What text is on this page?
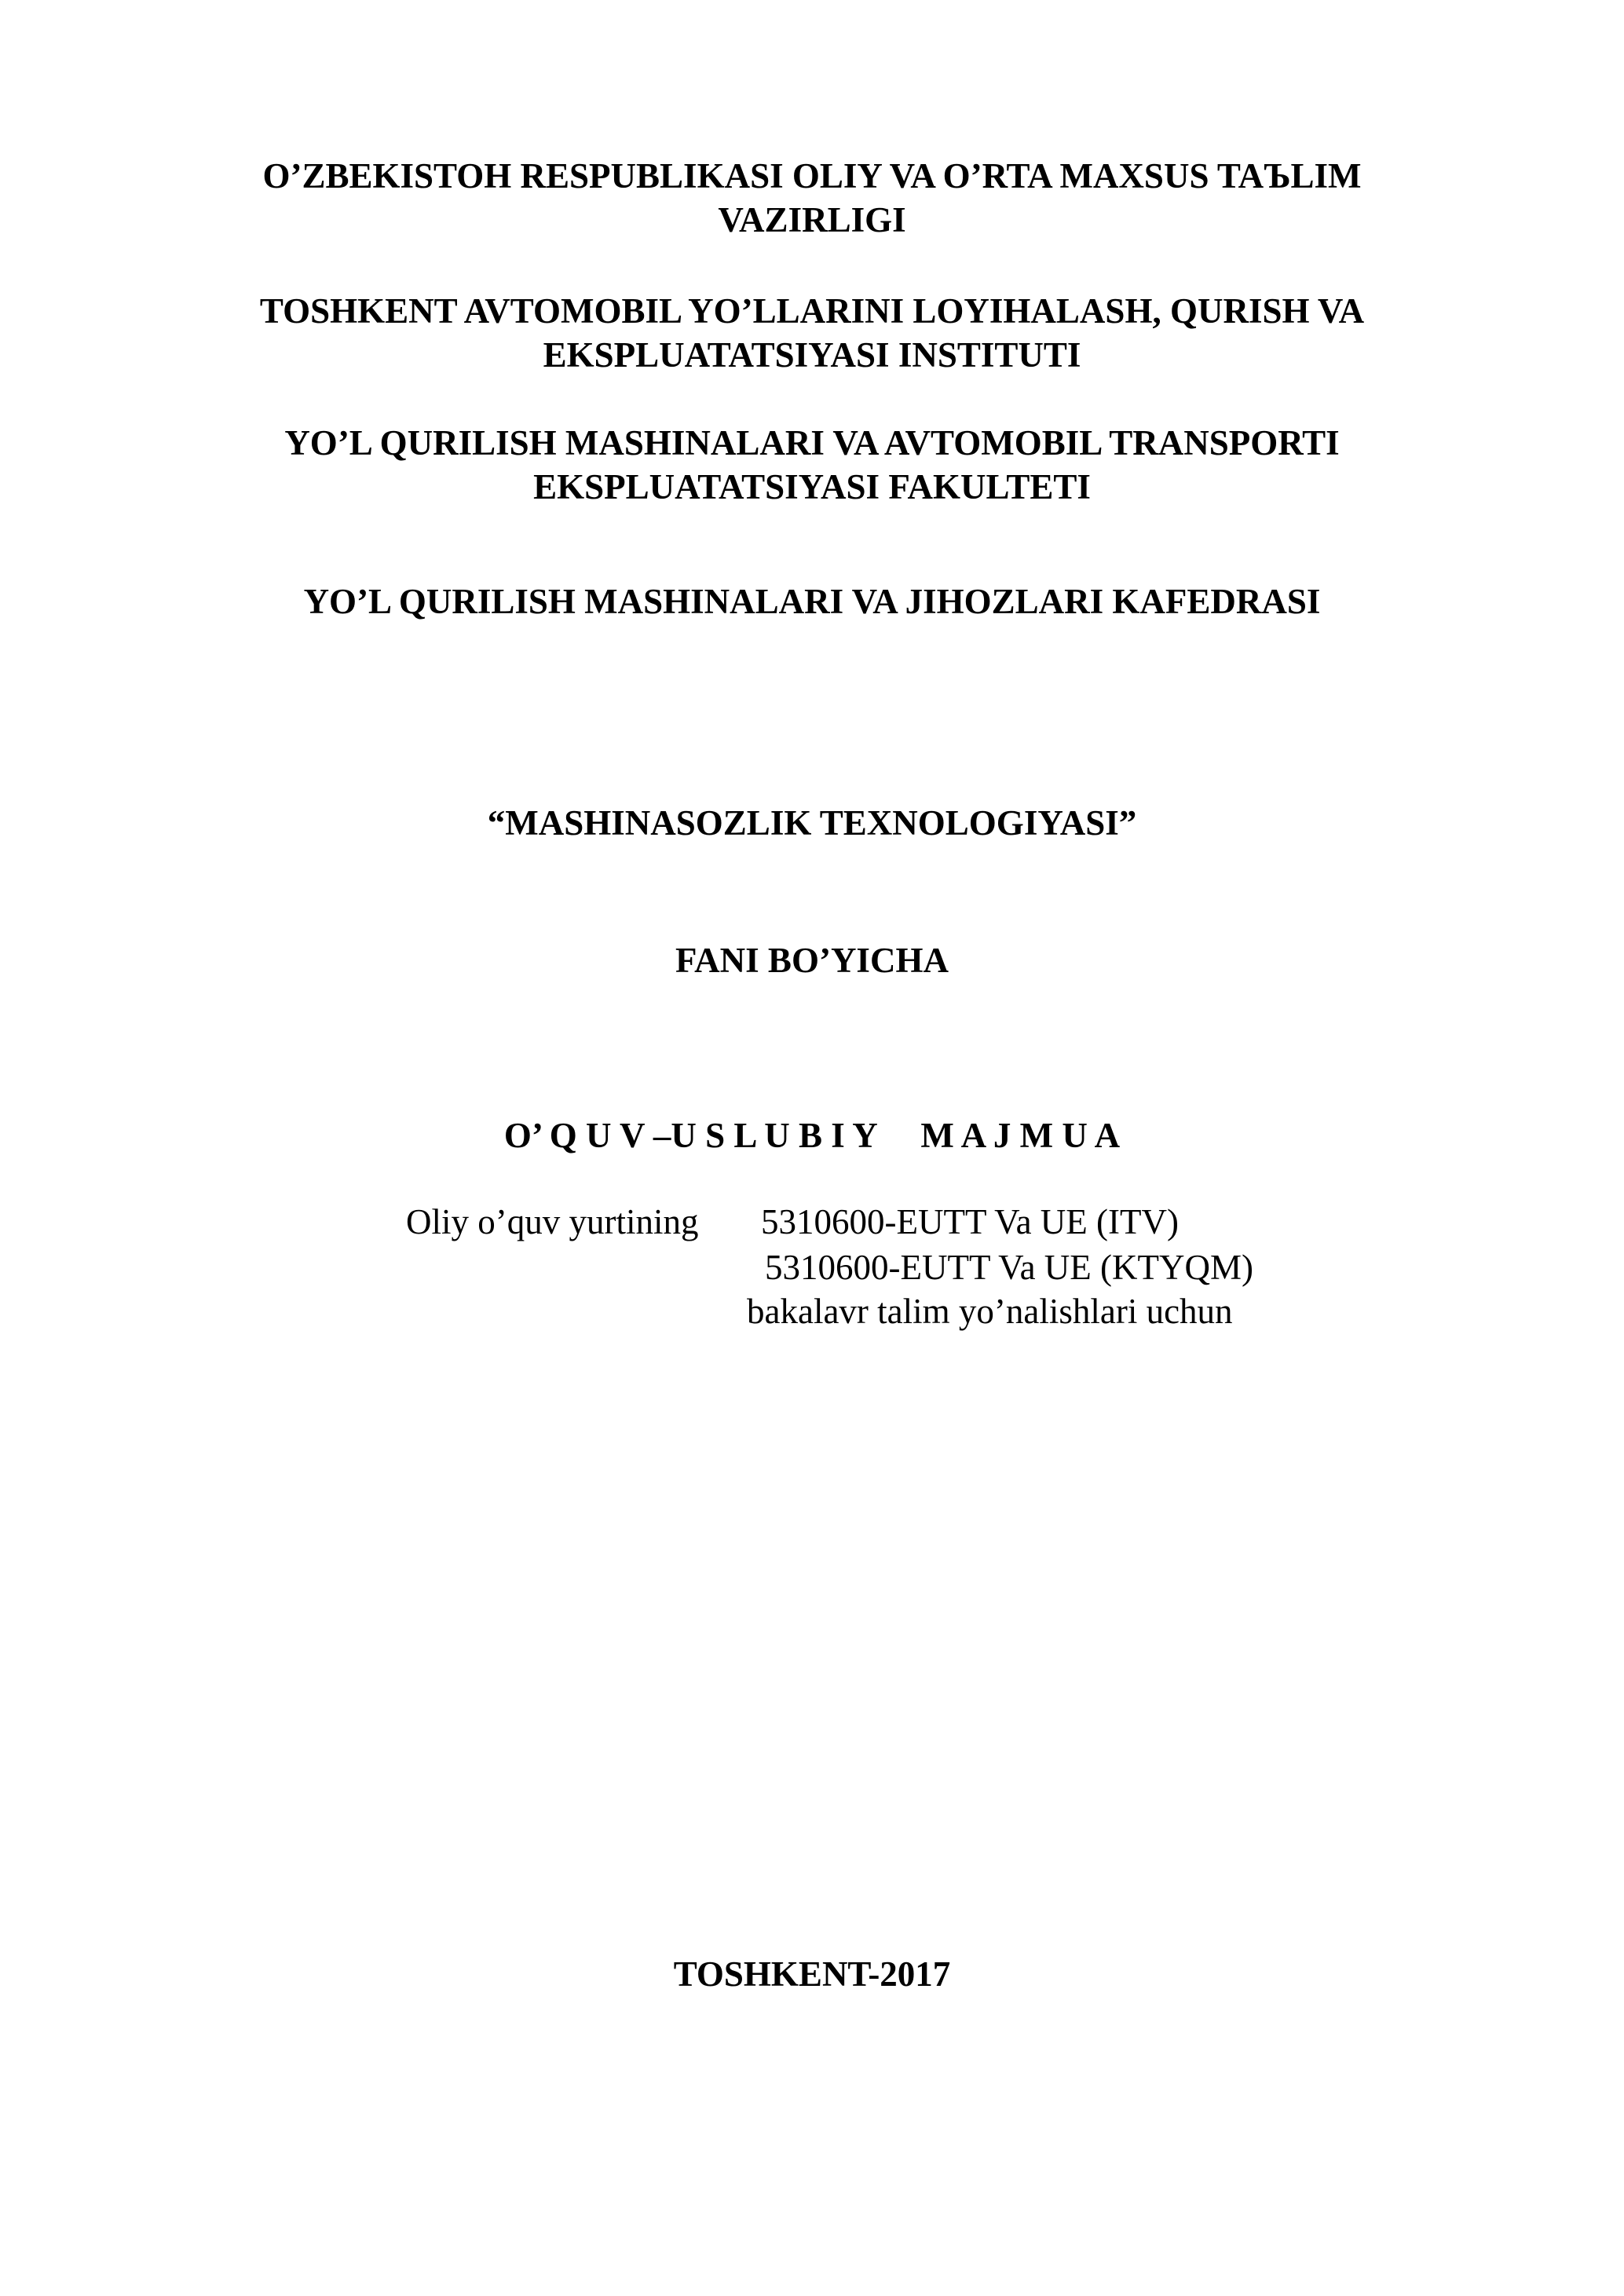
O’ZBEKISTOH RESPUBLIKASI OLIY VA O’RTA MAXSUS TAЪLIM
VAZIRLIGI
TOSHKENT AVTOMOBIL YO’LLARINI LOYIHALASH, QURISH VA
EKSPLUATATSIYASI INSTITUTI
YO’L QURILISH MASHINALARI VA AVTOMOBIL TRANSPORTI
EKSPLUATATSIYASI FAKULTETI
YO’L QURILISH MASHINALARI VA JIHOZLARI KAFEDRASI
“MASHINASOZLIK TEXNOLOGIYASI”
FANI BO’YICHA

O’ Q U V –U S L U B I Y     M A J M U A

Oliy o’quv yurtining 5310600-EUTT Va UE (ITV)
5310600-EUTT Va UE (KTYQM)
bakalavr talim yo’nalishlari uchun
TOSHKENT-2017
